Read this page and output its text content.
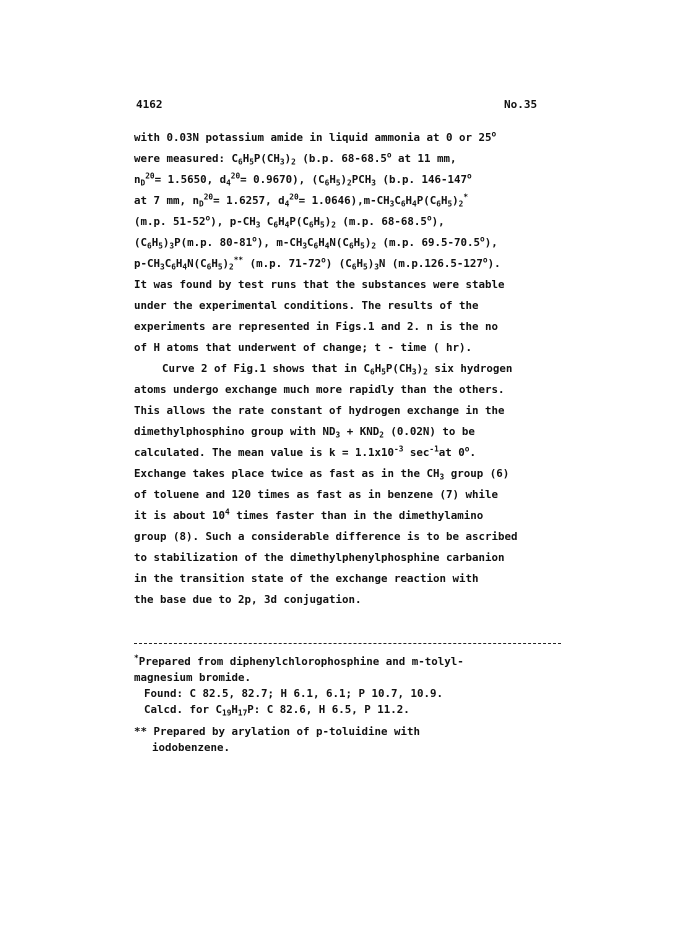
4162	No.35
with 0.03N potassium amide in liquid ammonia at 0 or 25$^o$
were measured: $C_6H_5P(CH_3)_2$ (b.p. 68-68.5$^o$ at 11 mm,
$n_D^{20}= 1.5650$, $d_4^{20}= 0.9670$), $(C_6H_5)_2PCH_3$ (b.p. 146-147$^o$
at 7 mm, $n_D^{20}= 1.6257$, $d_4^{20}= 1.0646),m-CH_3C_6H_4P(C_6H_5)_2^*$
(m.p. 51-52$^o$), $p-CH_3$ $C_6H_4P(C_6H_5)_2$ (m.p. 68-68.5$^o$),
$(C_6H_5)_3P(m.p$. 80-81$^o$), $m-CH_3C_6H_4N(C_6H_5)_2$ (m.p. 69.5-70.5$^o$),
$p-CH_3C_6H_4N(C_6H_5)_2^{**}$ (m.p. 71-72$^o$) $(C_6H_5)_3N$ (m.p.126.5-127$^o$).
It was found by test runs that the substances were stable
under the experimental conditions. The results of the
experiments are represented in Figs.1 and 2. n is the no
of H atoms that underwent of change; t - time ( hr).
Curve 2 of Fig.1 shows that in $C_6H_5P(CH_3)_2$ six hydrogen
atoms undergo exchange much more rapidly than the others.
This allows the rate constant of hydrogen exchange in the
dimethylphosphino group with $ND_3 + KND_2$ (0.02N) to be
calculated. The mean value is $k = 1.1x10^{-3}$ $\sec^{-1}at$ 0$^o$.
Exchange takes place twice as fast as in the $CH_3$ group (6)
of toluene and 120 times as fast as in benzene (7) while
it is about $10^4$ times faster than in the dimethylamino
group (8). Such a considerable difference is to be ascribed
to stabilization of the dimethylphenylphosphine carbanion
in the transition state of the exchange reaction with
the base due to 2p, 3d conjugation.
*Prepared from diphenylchlorophosphine and m-tolyl-
magnesium bromide.
Found: C 82.5, 82.7; H 6.1, 6.1; P 10.7, 10.9.
Calcd. for $C_{19}H_{17}P$: C 82.6, H 6.5, P 11.2.
** Prepared by arylation of p-toluidine with
iodobenzene.
